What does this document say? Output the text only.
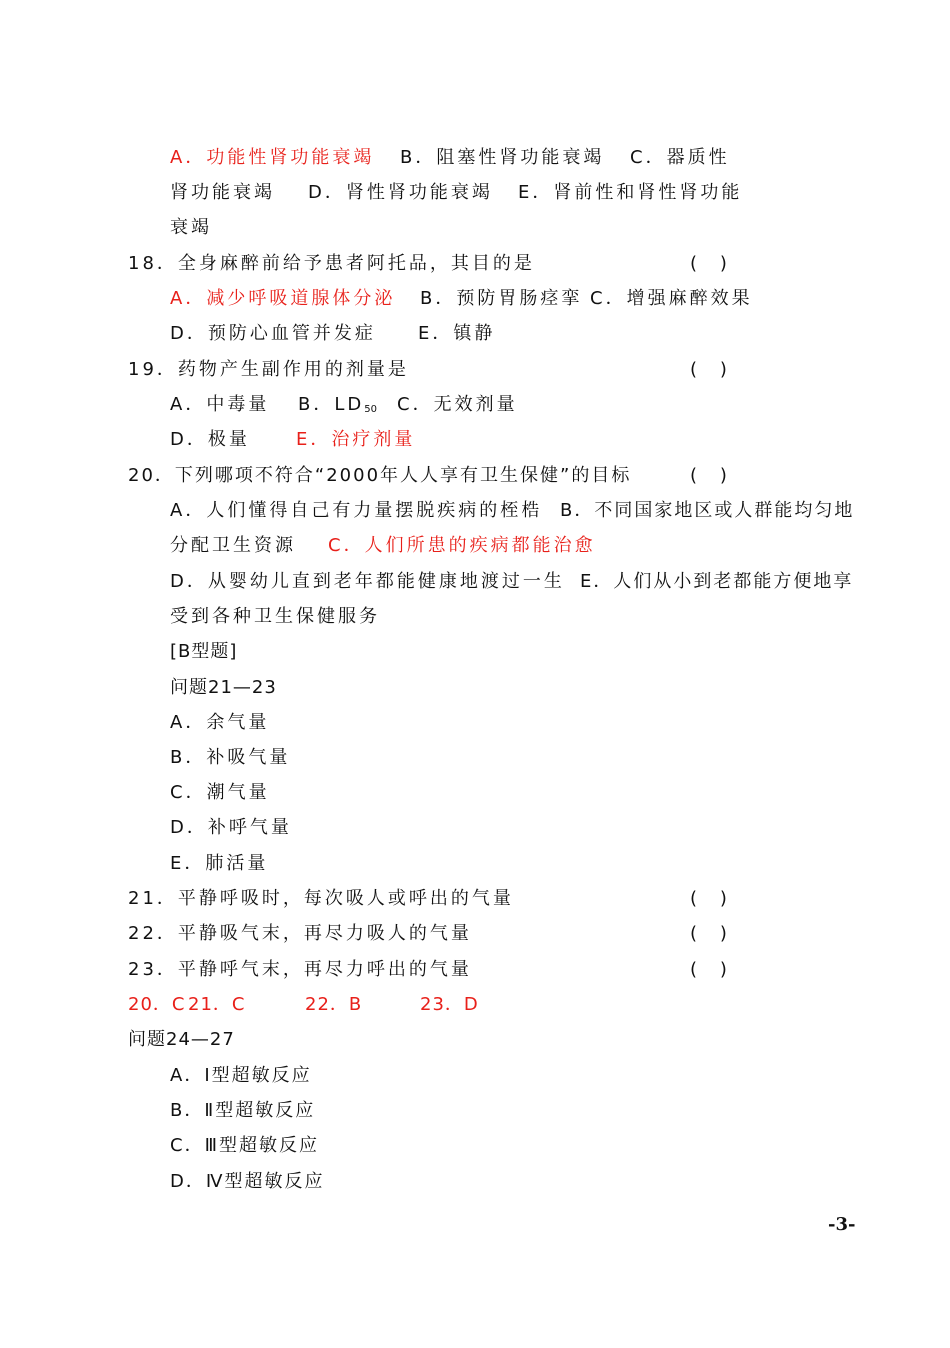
A．功能性肾功能衰竭 B．阻塞性肾功能衰竭 C．器质性
肾功能衰竭 D．肾性肾功能衰竭 E．肾前性和肾性肾功能
衰竭
18．全身麻醉前给予患者阿托品，其目的是	(    )
A．减少呼吸道腺体分泌 B．预防胃肠痉挛 C．增强麻醉效果
D．预防心血管并发症 E．镇静
19．药物产生副作用的剂量是	(    )
A．中毒量 B．$LD_{50}$ C．无效剂量
D．极量	E．治疗剂量
20．下列哪项不符合“2000年人人享有卫生保健”的目标	(    )
A．人们懂得自己有力量摆脱疾病的桎梏 B．不同国家地区或人群能均匀地
分配卫生资源 C．人们所患的疾病都能治愈
D．从婴幼儿直到老年都能健康地渡过一生 E．人们从小到老都能方便地享
受到各种卫生保健服务
[B型题]
问题21—23
A．余气量
B．补吸气量
C．潮气量
D．补呼气量
E．肺活量
21．平静呼吸时，每次吸人或呼出的气量	(    )
22．平静吸气末，再尽力吸人的气量	(    )
23．平静呼气末，再尽力呼出的气量	(    )
20．C 21．C	22．B	23．D
问题24—27
A．Ⅰ型超敏反应
B．Ⅱ型超敏反应
C．Ⅲ型超敏反应
D．Ⅳ型超敏反应
-3-
